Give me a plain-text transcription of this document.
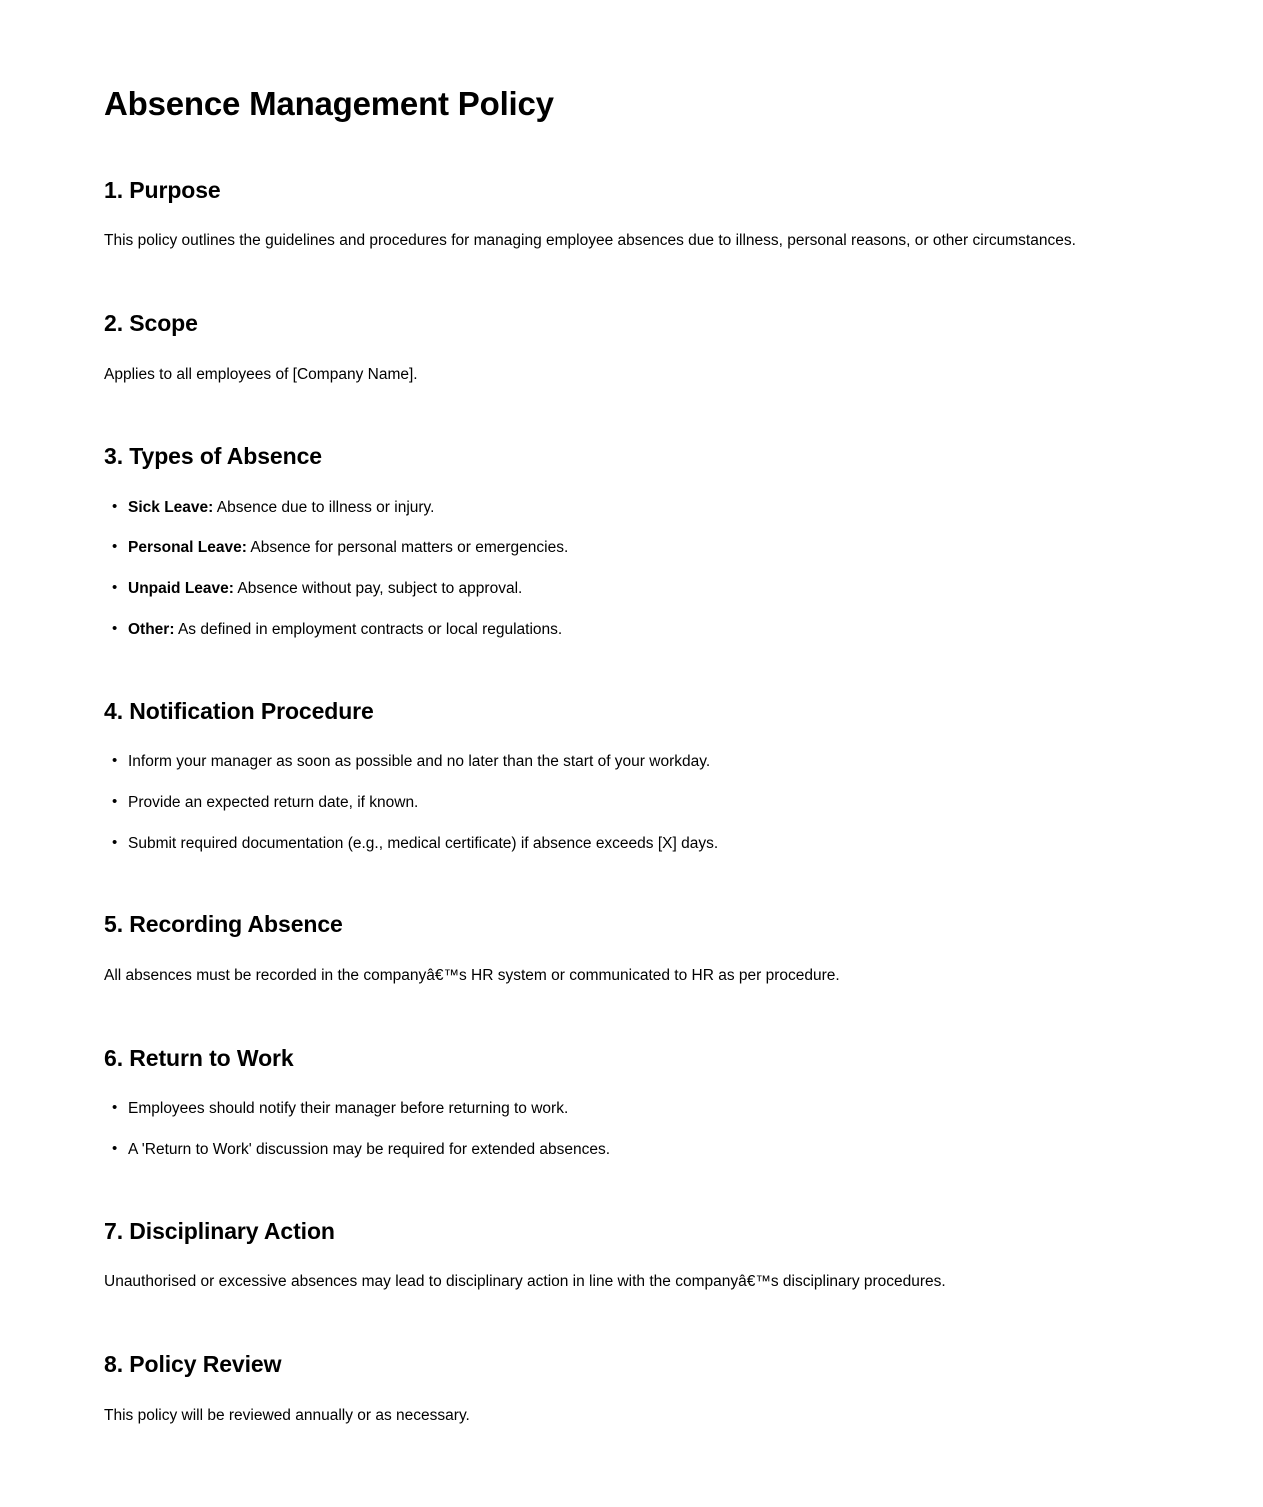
Absence Management Policy
1. Purpose

This policy outlines the guidelines and procedures for managing employee absences due to illness, personal reasons, or other circumstances.

2. Scope

Applies to all employees of [Company Name].

3. Types of Absence
• Sick Leave: Absence due to illness or injury.
• Personal Leave: Absence for personal matters or emergencies.
• Unpaid Leave: Absence without pay, subject to approval.
• Other: As defined in employment contracts or local regulations.
4. Notification Procedure
• Inform your manager as soon as possible and no later than the start of your workday.
• Provide an expected return date, if known.
• Submit required documentation (e.g., medical certificate) if absence exceeds [X] days.
5. Recording Absence

All absences must be recorded in the companyâ€™s HR system or communicated to HR as per procedure.

6. Return to Work
• Employees should notify their manager before returning to work.
• A 'Return to Work' discussion may be required for extended absences.
7. Disciplinary Action

Unauthorised or excessive absences may lead to disciplinary action in line with the companyâ€™s disciplinary procedures.

8. Policy Review

This policy will be reviewed annually or as necessary.
